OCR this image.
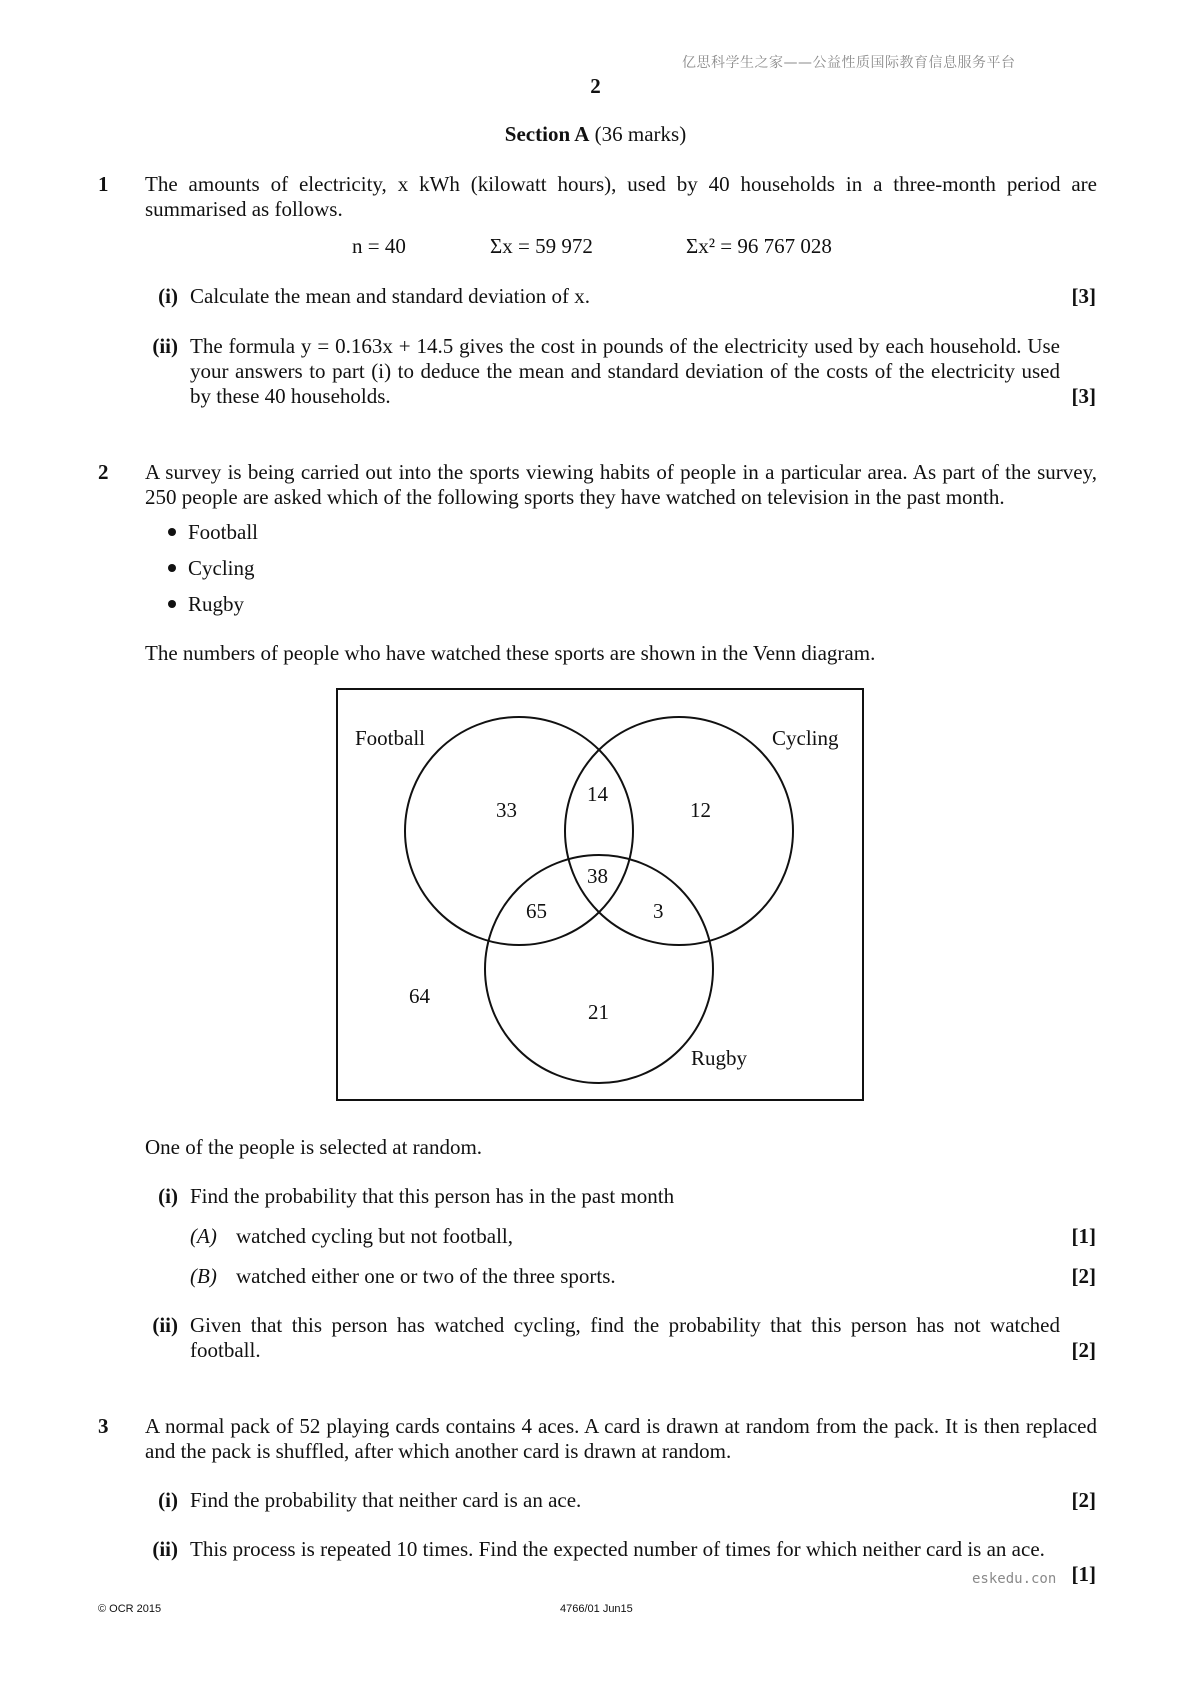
亿思科学生之家——公益性质国际教育信息服务平台
2
Section A (36 marks)
1 The amounts of electricity, x kWh (kilowatt hours), used by 40 households in a three-month period are summarised as follows.
n = 40	Σx = 59 972	Σx² = 96 767 028
(i) Calculate the mean and standard deviation of x.	[3]
(ii) The formula y = 0.163x + 14.5 gives the cost in pounds of the electricity used by each household. Use your answers to part (i) to deduce the mean and standard deviation of the costs of the electricity used by these 40 households.	[3]
2 A survey is being carried out into the sports viewing habits of people in a particular area. As part of the survey, 250 people are asked which of the following sports they have watched on television in the past month.
Football
Cycling
Rugby
The numbers of people who have watched these sports are shown in the Venn diagram.
Football	Cycling
Rugby
33
14
12
38
65	3
21
64
One of the people is selected at random.
(i) Find the probability that this person has in the past month
(A) watched cycling but not football,	[1]
(B) watched either one or two of the three sports.	[2]
(ii) Given that this person has watched cycling, find the probability that this person has not watched football.	[2]
3 A normal pack of 52 playing cards contains 4 aces. A card is drawn at random from the pack. It is then replaced and the pack is shuffled, after which another card is drawn at random.
(i) Find the probability that neither card is an ace.	[2]
(ii) This process is repeated 10 times. Find the expected number of times for which neither card is an ace.
[1]
eskedu.con
© OCR 2015	4766/01 Jun15
